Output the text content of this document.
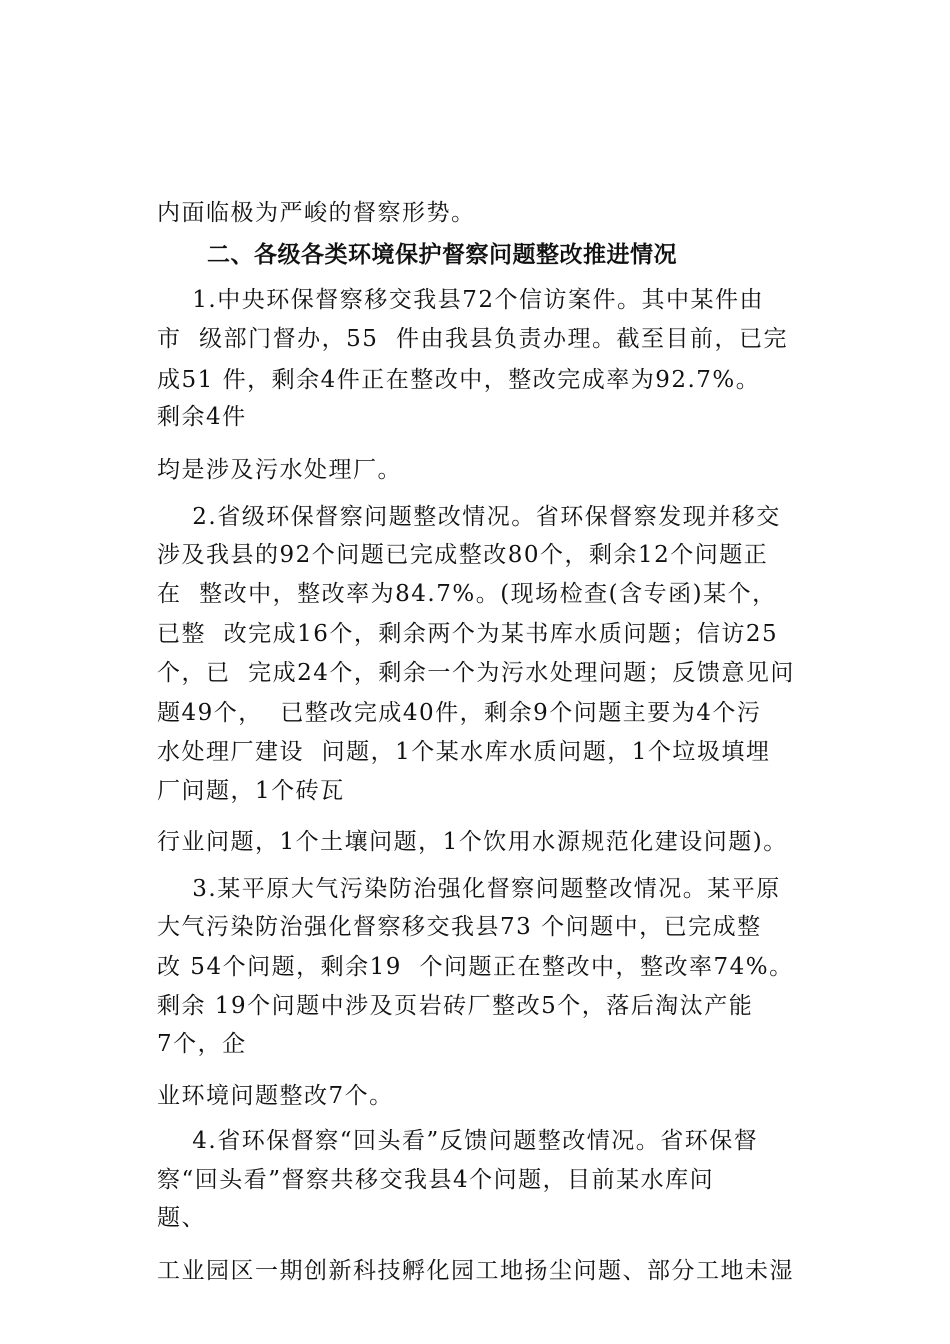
内面临极为严峻的督察形势。
二、各级各类环境保护督察问题整改推进情况
1.中央环保督察移交我县72个信访案件。其中某件由
市  级部门督办，55  件由我县负责办理。截至目前，已完
成51 件，剩余4件正在整改中，整改完成率为92.7%。
剩余4件
均是涉及污水处理厂。
2.省级环保督察问题整改情况。省环保督察发现并移交
涉及我县的92个问题已完成整改80个，剩余12个问题正
在  整改中，整改率为84.7%。(现场检查(含专函)某个，
已整  改完成16个，剩余两个为某书库水质问题；信访25
个，已  完成24个，剩余一个为污水处理问题；反馈意见问
题49个，  已整改完成40件，剩余9个问题主要为4个污
水处理厂建设  问题，1个某水库水质问题，1个垃圾填埋
厂问题，1个砖瓦
行业问题，1个土壤问题，1个饮用水源规范化建设问题)。
3.某平原大气污染防治强化督察问题整改情况。某平原
大气污染防治强化督察移交我县73 个问题中，已完成整
改 54个问题，剩余19  个问题正在整改中，整改率74%。
剩余 19个问题中涉及页岩砖厂整改5个，落后淘汰产能
7个，企
业环境问题整改7个。
4.省环保督察“回头看”反馈问题整改情况。省环保督
察“回头看”督察共移交我县4个问题，目前某水库问
题、
工业园区一期创新科技孵化园工地扬尘问题、部分工地未湿
